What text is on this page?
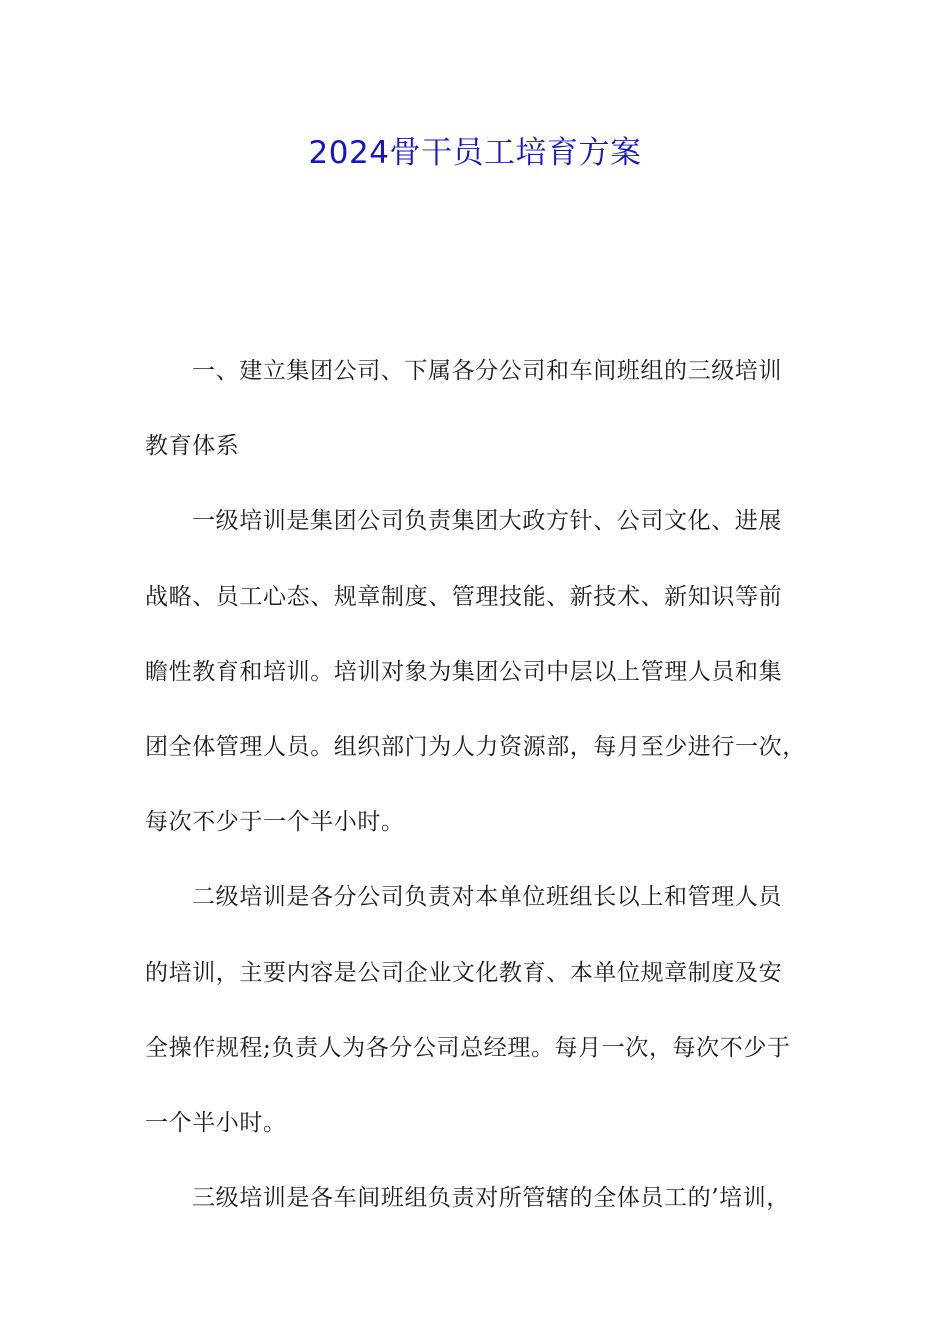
2024骨干员工培育方案

一、建立集团公司、下属各分公司和车间班组的三级培训
教育体系

一级培训是集团公司负责集团大政方针、公司文化、进展
战略、员工心态、规章制度、管理技能、新技术、新知识等前
瞻性教育和培训。培训对象为集团公司中层以上管理人员和集
团全体管理人员。组织部门为人力资源部，每月至少进行一次，
每次不少于一个半小时。

二级培训是各分公司负责对本单位班组长以上和管理人员
的培训，主要内容是公司企业文化教育、本单位规章制度及安
全操作规程;负责人为各分公司总经理。每月一次，每次不少于
一个半小时。

三级培训是各车间班组负责对所管辖的全体员工的’培训，
